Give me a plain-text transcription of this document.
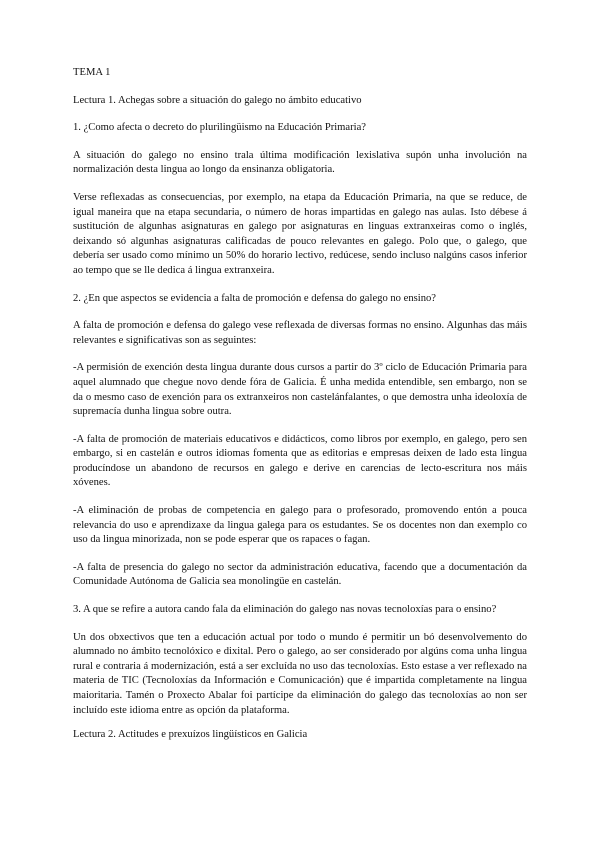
TEMA 1

Lectura 1. Achegas sobre a situación do galego no ámbito educativo

1. ¿Como afecta o decreto do plurilingüismo na Educación Primaria?

A situación do galego no ensino trala última modificación lexislativa supón unha involución na normalización desta lingua ao longo da ensinanza obligatoria.

Verse reflexadas as consecuencias, por exemplo, na etapa da Educación Primaria, na que se reduce, de igual maneira que na etapa secundaria, o número de horas impartidas en galego nas aulas. Isto débese á sustitución de algunhas asignaturas en galego por asignaturas en linguas extranxeiras como o inglés, deixando só algunhas asignaturas calificadas de pouco relevantes en galego. Polo que, o galego, que debería ser usado como mínimo un 50% do horario lectivo, redúcese, sendo incluso nalgúns casos inferior ao tempo que se lle dedica á lingua extranxeira.

2. ¿En que aspectos se evidencia a falta de promoción e defensa do galego no ensino?

A falta de promoción e defensa do galego vese reflexada de diversas formas no ensino. Algunhas das máis relevantes e significativas son as seguintes:

-A permisión de exención desta lingua durante dous cursos a partir do 3º ciclo de Educación Primaria para aquel alumnado que chegue novo dende fóra de Galicia. É unha medida entendible, sen embargo, non se da o mesmo caso de exención para os extranxeiros non castelánfalantes, o que demostra unha ideoloxía de supremacía dunha lingua sobre outra.

-A falta de promoción de materiais educativos e didácticos, como libros por exemplo, en galego, pero sen embargo, si en castelán e outros idiomas fomenta que as editorias e empresas deixen de lado esta lingua producíndose un abandono de recursos en galego e derive en carencias de lecto-escritura nos máis xóvenes.

-A eliminación de probas de competencia en galego para o profesorado, promovendo entón a pouca relevancia do uso e aprendizaxe da lingua galega para os estudantes. Se os docentes non dan exemplo co uso da lingua minorizada, non se pode esperar que os rapaces o fagan.

-A falta de presencia do galego no sector da administración educativa, facendo que a documentación da Comunidade Autónoma de Galicia sea monolingüe en castelán.

3. A que se refire a autora cando fala da eliminación do galego nas novas tecnoloxías para o ensino?

Un dos obxectivos que ten a educación actual por todo o mundo é permitir un bó desenvolvemento do alumnado no ámbito tecnolóxico e dixital. Pero o galego, ao ser considerado por algúns coma unha lingua rural e contraria á modernización, está a ser excluída no uso das tecnoloxías. Esto estase a ver reflexado na materia de TIC (Tecnoloxías da Información e Comunicación) que é impartida completamente na lingua maioritaria. Tamén o Proxecto Abalar foi partícipe da eliminación do galego das tecnoloxías ao non ser incluído este idioma entre as opción da plataforma.

Lectura 2. Actitudes e prexuízos lingüísticos en Galicia
